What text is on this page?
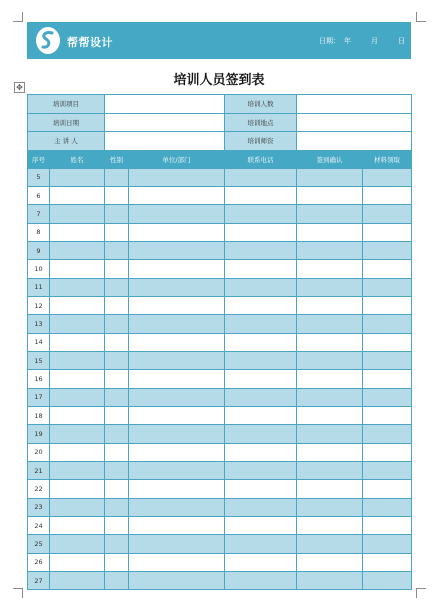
帮帮设计	日期： 年	月	日
✥	培训人员签到表
培训项目				培训人数		
培训日期				培训地点		
主 讲 人				培训师资		
序号	姓名	性别	单位/部门	联系电话	签到确认	材料领取
5						
6						
7						
8						
9						
10						
11						
12						
13						
14						
15						
16						
17						
18						
19						
20						
21						
22						
23						
24						
25						
26						
27						
